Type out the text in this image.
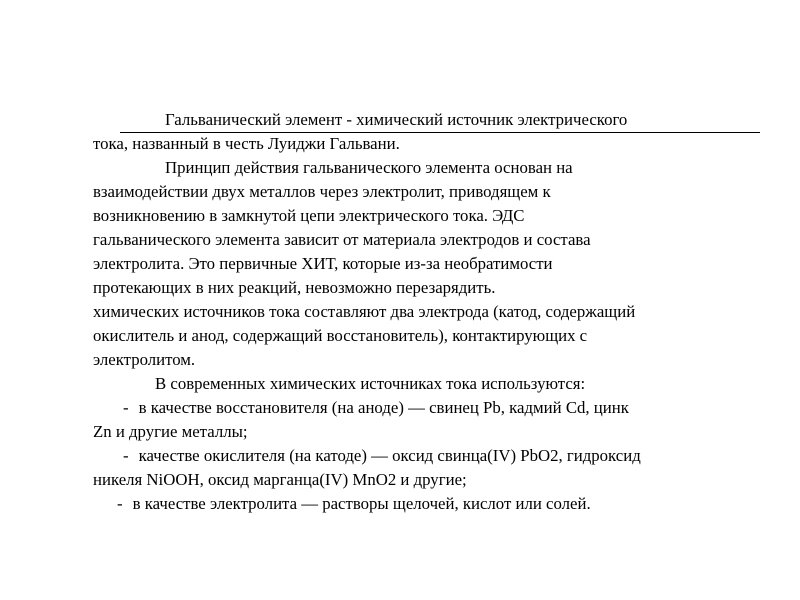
Гальванический элемент - химический источник электрического
тока, названный в честь Луиджи Гальвани.
Принцип действия гальванического элемента основан на
взаимодействии двух металлов через электролит, приводящем к
возникновению в замкнутой цепи электрического тока. ЭДС
гальванического элемента зависит от материала электродов и состава
электролита. Это первичные ХИТ, которые из-за необратимости
протекающих в них реакций, невозможно перезарядить.
химических источников тока составляют два электрода (катод, содержащий
окислитель и анод, содержащий восстановитель), контактирующих с
электролитом.
В современных химических источниках тока используются:
- в качестве восстановителя (на аноде) — свинец Pb, кадмий Cd, цинк
Zn и другие металлы;
- качестве окислителя (на катоде) — оксид свинца(IV) PbO2, гидроксид
никеля NiOOH, оксид марганца(IV) MnO2 и другие;
- в качестве электролита — растворы щелочей, кислот или солей.
